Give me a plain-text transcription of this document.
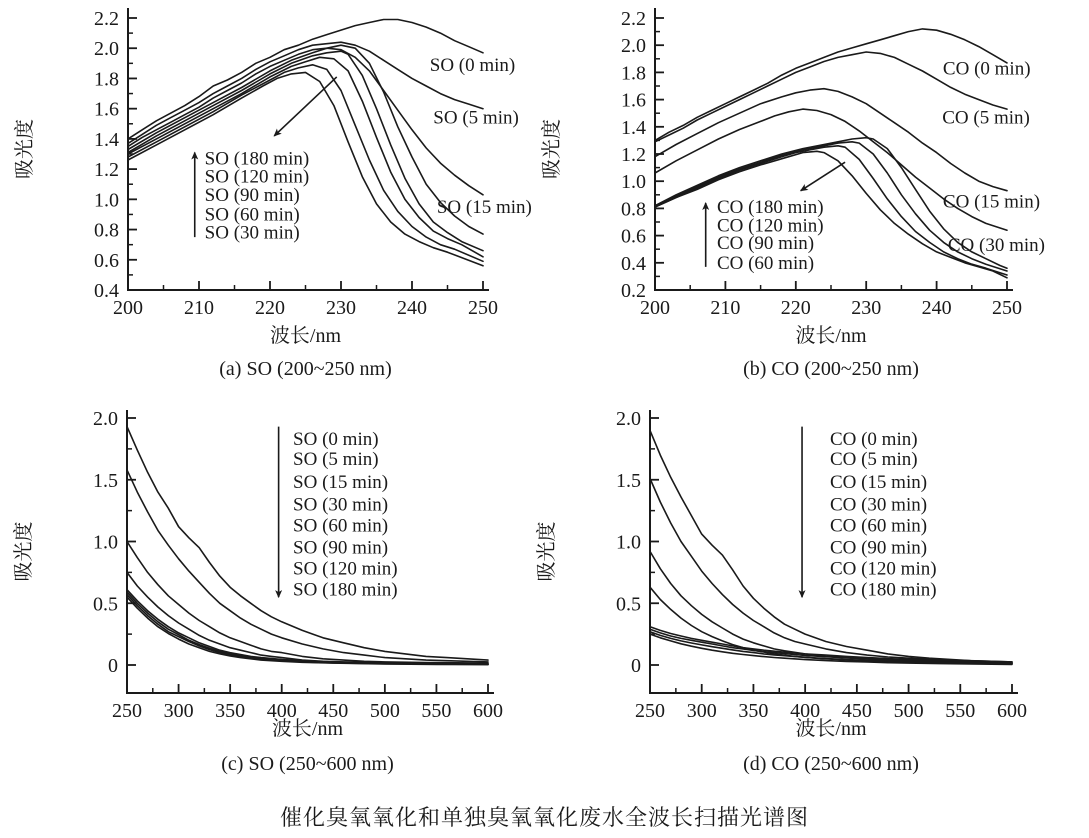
0.4
0.6
0.8
1.0
1.2
1.4
1.6
1.8
2.0
2.2
200 210 220 230 240 250
波长/nm
吸光度
(a) SO (200~250 nm)
SO (0 min)
SO (5 min)
SO (15 min)
SO (180 min)
SO (120 min)
SO (90 min)
SO (60 min)
SO (30 min)
0.2
0.4
0.6
0.8
1.0
1.2
1.4
1.6
1.8
2.0
2.2
200 210 220 230 240 250
波长/nm
吸光度
(b) CO (200~250 nm)
CO (0 min)
CO (5 min)
CO (15 min)
CO (30 min)
CO (180 min)
CO (120 min)
CO (90 min)
CO (60 min)
0
0.5
1.0
1.5
2.0
250 300 350 400 450 500 550 600
波长/nm
吸光度
(c) SO (250~600 nm)
SO (0 min)
SO (5 min)
SO (15 min)
SO (30 min)
SO (60 min)
SO (90 min)
SO (120 min)
SO (180 min)
0
0.5
1.0
1.5
2.0
250 300 350 400 450 500 550 600
波长/nm
吸光度
(d) CO (250~600 nm)
CO (0 min)
CO (5 min)
CO (15 min)
CO (30 min)
CO (60 min)
CO (90 min)
CO (120 min)
CO (180 min)
催化臭氧氧化和单独臭氧氧化废水全波长扫描光谱图
